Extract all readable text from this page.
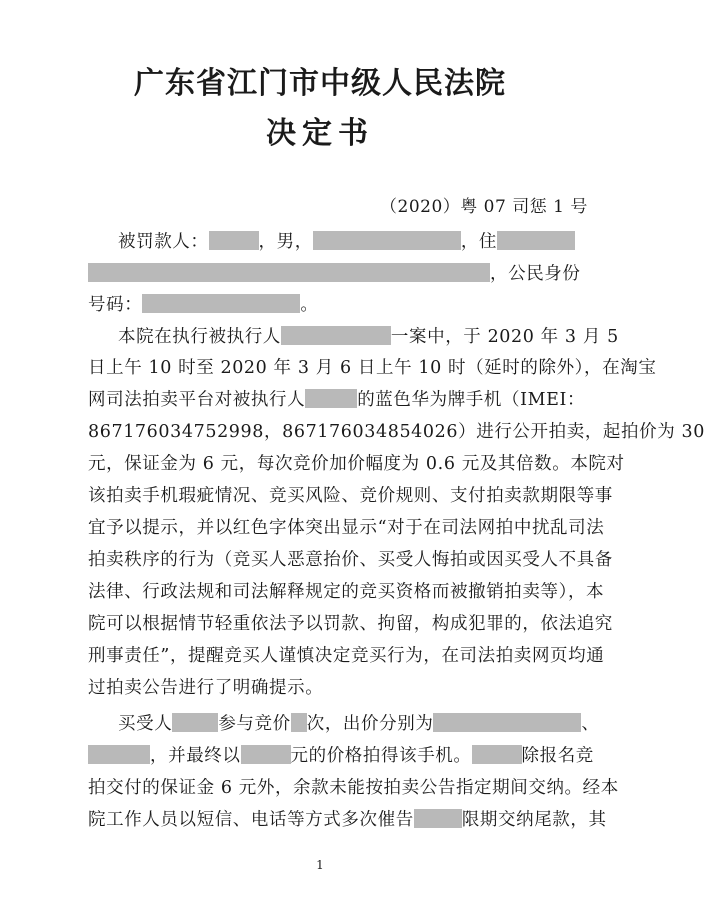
广东省江门市中级人民法院
决定书
（2020）粤 07 司惩 1 号
被罚款人：	，男，	，住
，公民身份
号码：	。
本院在执行被执行人	一案中，于 2020 年 3 月 5
日上午 10 时至 2020 年 3 月 6 日上午 10 时（延时的除外），在淘宝
网司法拍卖平台对被执行人	的蓝色华为牌手机（IMEI：
867176034752998，867176034854026）进行公开拍卖，起拍价为 30
元，保证金为 6 元，每次竞价加价幅度为 0.6 元及其倍数。本院对
该拍卖手机瑕疵情况、竞买风险、竞价规则、支付拍卖款期限等事
宜予以提示，并以红色字体突出显示“对于在司法网拍中扰乱司法
拍卖秩序的行为（竞买人恶意抬价、买受人悔拍或因买受人不具备
法律、行政法规和司法解释规定的竞买资格而被撤销拍卖等），本
院可以根据情节轻重依法予以罚款、拘留，构成犯罪的，依法追究
刑事责任”，提醒竞买人谨慎决定竞买行为，在司法拍卖网页均通
过拍卖公告进行了明确提示。
买受人	参与竞价 次，出价分别为	、
，并最终以	元的价格拍得该手机。	除报名竞
拍交付的保证金 6 元外，余款未能按拍卖公告指定期间交纳。经本
院工作人员以短信、电话等方式多次催告	限期交纳尾款，其
1
